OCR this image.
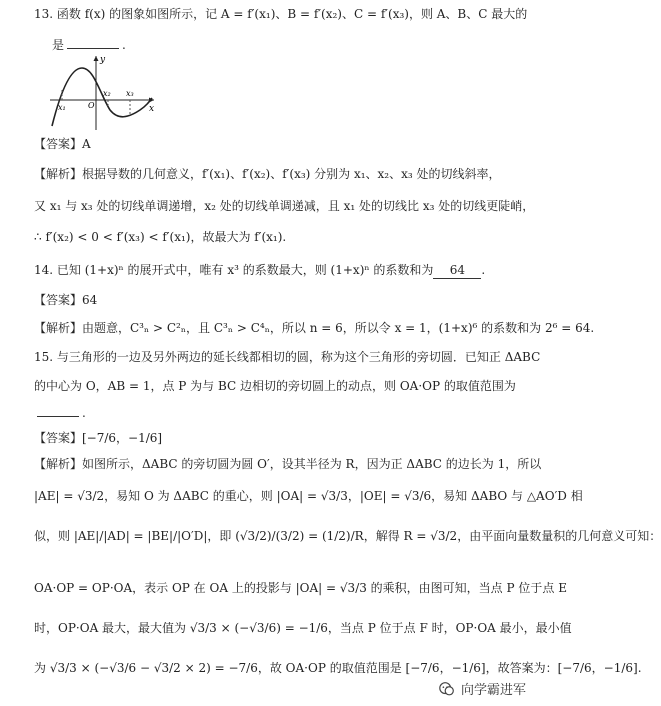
13. 函数 f(x) 的图象如图所示，记 A = f′(x₁)、B = f′(x₂)、C = f′(x₃)，则 A、B、C 最大的
是	.
y
x
O
x₁
x₂ x₃
【答案】A
【解析】根据导数的几何意义，f′(x₁)、f′(x₂)、f′(x₃) 分别为 x₁、x₂、x₃ 处的切线斜率，
又 x₁ 与 x₃ 处的切线单调递增，x₂ 处的切线单调递减，且 x₁ 处的切线比 x₃ 处的切线更陡峭，
∴ f′(x₂) < 0 < f′(x₃) < f′(x₁)，故最大为 f′(x₁).
14. 已知 (1+x)ⁿ 的展开式中，唯有 x³ 的系数最大，则 (1+x)ⁿ 的系数和为 64 .
【答案】64
【解析】由题意，C³ₙ > C²ₙ，且 C³ₙ > C⁴ₙ，所以 n = 6，所以令 x = 1，(1+x)⁶ 的系数和为 2⁶ = 64.
15. 与三角形的一边及另外两边的延长线都相切的圆，称为这个三角形的旁切圆．已知正 ΔABC
的中心为 O，AB = 1，点 P 为与 BC 边相切的旁切圆上的动点，则 OA·OP 的取值范围为
.
【答案】[−7/6，−1/6]
【解析】如图所示，ΔABC 的旁切圆为圆 O′，设其半径为 R，因为正 ΔABC 的边长为 1，所以
|AE| = √3/2，易知 O 为 ΔABC 的重心，则 |OA| = √3/3，|OE| = √3/6，易知 ΔABO 与 △AO′D 相
似，则 |AE|/|AD| = |BE|/|O′D|，即 (√3/2)/(3/2) = (1/2)/R，解得 R = √3/2，由平面向量数量积的几何意义可知：
OA·OP = OP·OA，表示 OP 在 OA 上的投影与 |OA| = √3/3 的乘积，由图可知，当点 P 位于点 E
时，OP·OA 最大，最大值为 √3/3 × (−√3/6) = −1/6，当点 P 位于点 F 时，OP·OA 最小，最小值
为 √3/3 × (−√3/6 − √3/2 × 2) = −7/6，故 OA·OP 的取值范围是 [−7/6，−1/6]，故答案为：[−7/6，−1/6].
向学霸进军
